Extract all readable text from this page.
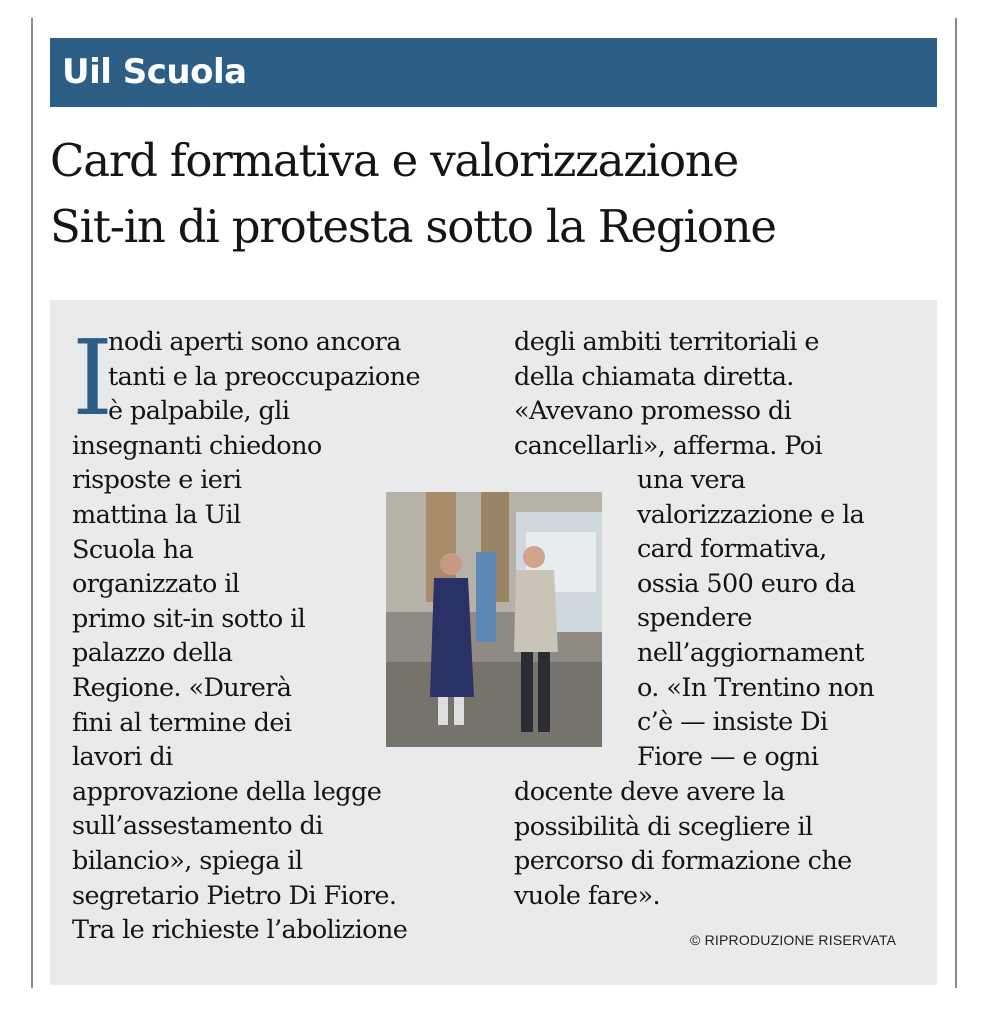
Uil Scuola
Card formativa e valorizzazione
Sit-in di protesta sotto la Regione
I
nodi aperti sono ancora
tanti e la preoccupazione
è palpabile, gli
insegnanti chiedono
risposte e ieri
mattina la Uil
Scuola ha
organizzato il
primo sit-in sotto il
palazzo della
Regione. «Durerà
fini al termine dei
lavori di
approvazione della legge
sull’assestamento di
bilancio», spiega il
segretario Pietro Di Fiore.
Tra le richieste l’abolizione
degli ambiti territoriali e
della chiamata diretta.
«Avevano promesso di
cancellarli», afferma. Poi
una vera
valorizzazione e la
card formativa,
ossia 500 euro da
spendere
nell’aggiornament
o. «In Trentino non
c’è — insiste Di
Fiore — e ogni
docente deve avere la
possibilità di scegliere il
percorso di formazione che
vuole fare».
© RIPRODUZIONE RISERVATA
